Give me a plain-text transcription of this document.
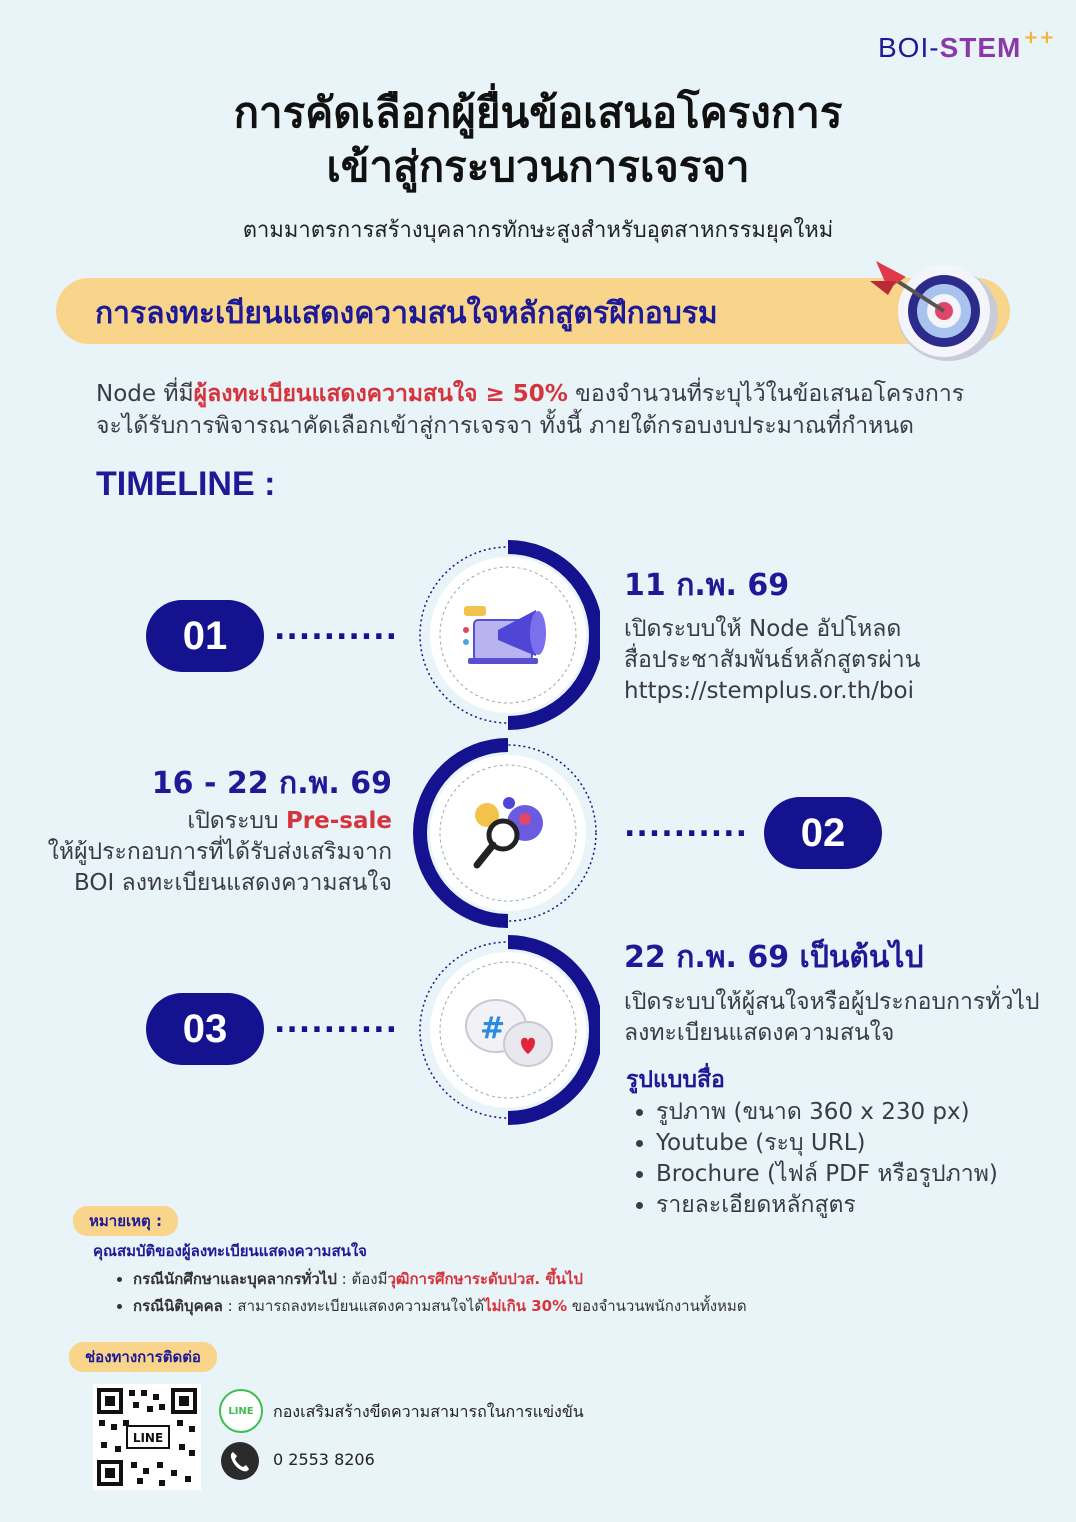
BOI- STEM ++
การคัดเลือกผู้ยื่นข้อเสนอโครงการ
เข้าสู่กระบวนการเจรจา
ตามมาตรการสร้างบุคลากรทักษะสูงสำหรับอุตสาหกรรมยุคใหม่
การลงทะเบียนแสดงความสนใจหลักสูตรฝึกอบรม
Node ที่มีผู้ลงทะเบียนแสดงความสนใจ ≥ 50% ของจำนวนที่ระบุไว้ในข้อเสนอโครงการ
จะได้รับการพิจารณาคัดเลือกเข้าสู่การเจรจา ทั้งนี้ ภายใต้กรอบงบประมาณที่กำหนด
TIMELINE :
#
01	..........
11 ก.พ. 69
เปิดระบบให้ Node อัปโหลด
สื่อประชาสัมพันธ์หลักสูตรผ่าน
https://stemplus.or.th/boi
16 - 22 ก.พ. 69
เปิดระบบ Pre-sale
ให้ผู้ประกอบการที่ได้รับส่งเสริมจาก
BOI ลงทะเบียนแสดงความสนใจ
..........	02
03	..........
22 ก.พ. 69 เป็นต้นไป
เปิดระบบให้ผู้สนใจหรือผู้ประกอบการทั่วไป
ลงทะเบียนแสดงความสนใจ
รูปแบบสื่อ
• รูปภาพ (ขนาด 360 x 230 px)
• Youtube (ระบุ URL)
• Brochure (ไฟล์ PDF หรือรูปภาพ)
• รายละเอียดหลักสูตร
หมายเหตุ :
คุณสมบัติของผู้ลงทะเบียนแสดงความสนใจ
• กรณีนักศึกษาและบุคลากรทั่วไป : ต้องมีวุฒิการศึกษาระดับปวส. ขึ้นไป
• กรณีนิติบุคคล : สามารถลงทะเบียนแสดงความสนใจได้ไม่เกิน 30% ของจำนวนพนักงานทั้งหมด
ช่องทางการติดต่อ
LINE
LINE กองเสริมสร้างขีดความสามารถในการแข่งขัน
0 2553 8206
